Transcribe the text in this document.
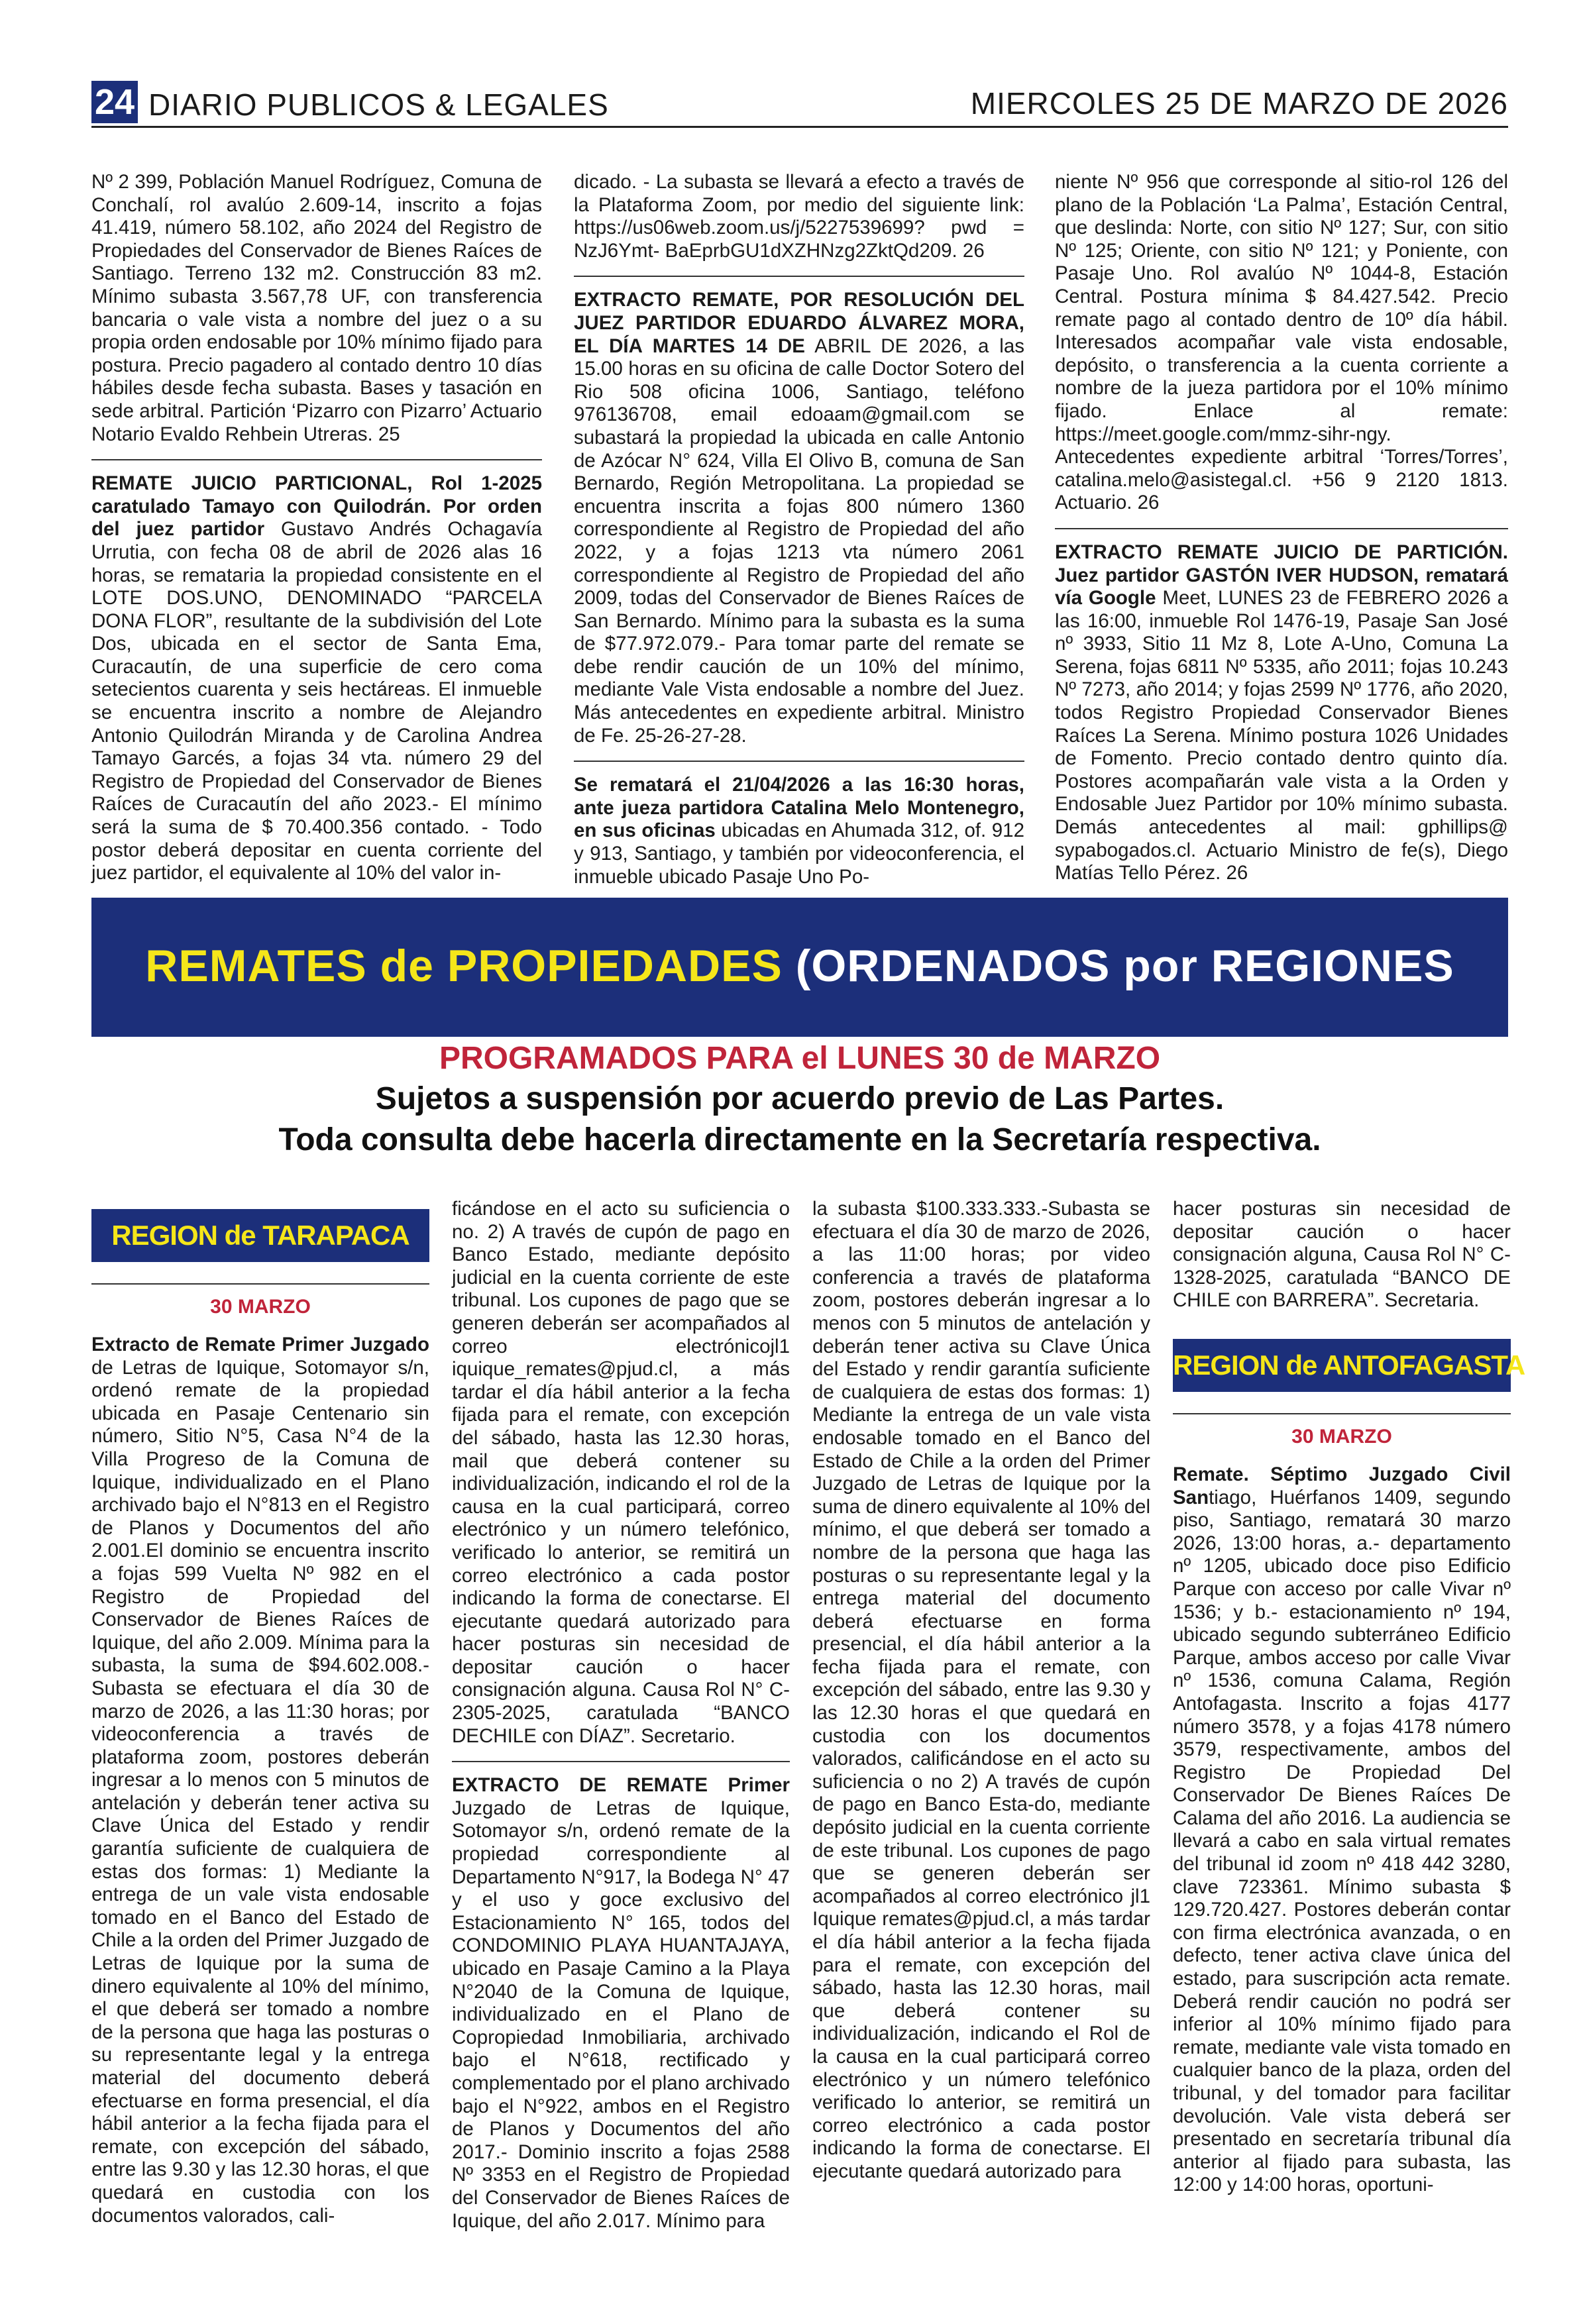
24 DIARIO PUBLICOS & LEGALES	MIERCOLES 25 DE MARZO DE 2026

Nº 2 399, Población Manuel Rodríguez, Comuna de Conchalí, rol avalúo 2.609-14, inscrito a fojas 41.419, número 58.102, año 2024 del Registro de Propiedades del Conservador de Bienes Raíces de Santiago. Terreno 132 m2. Construcción 83 m2. Mínimo subasta 3.567,78 UF, con transferencia bancaria o vale vista a nombre del juez o a su propia orden endosable por 10% mínimo fijado para postura. Precio pagadero al contado dentro 10 días hábiles desde fecha subasta. Bases y tasación en sede arbitral. Partición ‘Pizarro con Pizarro’ Actuario Notario Evaldo Rehbein Utreras. 25

REMATE JUICIO PARTICIONAL, Rol 1-2025 caratulado Tamayo con Quilodrán. Por orden del juez partidor Gustavo Andrés Ochagavía Urrutia, con fecha 08 de abril de 2026 alas 16 horas, se remataria la propiedad consistente en el LOTE DOS.UNO, DENOMINADO “PARCELA DONA FLOR”, resultante de la subdivisión del Lote Dos, ubicada en el sector de Santa Ema, Curacautín, de una superficie de cero coma setecientos cuarenta y seis hectáreas. El inmueble se encuentra inscrito a nombre de Alejandro Antonio Quilodrán Miranda y de Carolina Andrea Tamayo Garcés, a fojas 34 vta. número 29 del Registro de Propiedad del Conservador de Bienes Raíces de Curacautín del año 2023.- El mínimo será la suma de $ 70.400.356 contado. - Todo postor deberá depositar en cuenta corriente del juez partidor, el equivalente al 10% del valor in-

dicado. - La subasta se llevará a efecto a través de la Plataforma Zoom, por medio del siguiente link: https://us06web.zoom.us/j/5227539699? pwd = NzJ6Ymt- BaEprbGU1dXZHNzg2ZktQd209. 26

EXTRACTO REMATE, POR RESOLUCIÓN DEL JUEZ PARTIDOR EDUARDO ÁLVAREZ MORA, EL DÍA MARTES 14 DE ABRIL DE 2026, a las 15.00 horas en su oficina de calle Doctor Sotero del Rio 508 oficina 1006, Santiago, teléfono 976136708, email edoaam@gmail.com se subastará la propiedad la ubicada en calle Antonio de Azócar N° 624, Villa El Olivo B, comuna de San Bernardo, Región Metropolitana. La propiedad se encuentra inscrita a fojas 800 número 1360 correspondiente al Registro de Propiedad del año 2022, y a fojas 1213 vta número 2061 correspondiente al Registro de Propiedad del año 2009, todas del Conservador de Bienes Raíces de San Bernardo. Mínimo para la subasta es la suma de $77.972.079.- Para tomar parte del remate se debe rendir caución de un 10% del mínimo, mediante Vale Vista endosable a nombre del Juez. Más antecedentes en expediente arbitral. Ministro de Fe. 25-26-27-28.

Se rematará el 21/04/2026 a las 16:30 horas, ante jueza partidora Catalina Melo Montenegro, en sus oficinas ubicadas en Ahumada 312, of. 912 y 913, Santiago, y también por videoconferencia, el inmueble ubicado Pasaje Uno Po-

niente Nº 956 que corresponde al sitio-rol 126 del plano de la Población ‘La Palma’, Estación Central, que deslinda: Norte, con sitio Nº 127; Sur, con sitio Nº 125; Oriente, con sitio Nº 121; y Poniente, con Pasaje Uno. Rol avalúo Nº 1044-8, Estación Central. Postura mínima $ 84.427.542. Precio remate pago al contado dentro de 10º día hábil. Interesados acompañar vale vista endosable, depósito, o transferencia a la cuenta corriente a nombre de la jueza partidora por el 10% mínimo fijado. Enlace al remate: https://meet.google.com/mmz-sihr-ngy. Antecedentes expediente arbitral ‘Torres/Torres’, catalina.melo@asistegal.cl. +56 9 2120 1813. Actuario. 26

EXTRACTO REMATE JUICIO DE PARTICIÓN. Juez partidor GASTÓN IVER HUDSON, rematará vía Google Meet, LUNES 23 de FEBRERO 2026 a las 16:00, inmueble Rol 1476-19, Pasaje San José nº 3933, Sitio 11 Mz 8, Lote A-Uno, Comuna La Serena, fojas 6811 Nº 5335, año 2011; fojas 10.243 Nº 7273, año 2014; y fojas 2599 Nº 1776, año 2020, todos Registro Propiedad Conservador Bienes Raíces La Serena. Mínimo postura 1026 Unidades de Fomento. Precio contado dentro quinto día. Postores acompañarán vale vista a la Orden y Endosable Juez Partidor por 10% mínimo subasta. Demás antecedentes al mail: gphillips@ sypabogados.cl. Actuario Ministro de fe(s), Diego Matías Tello Pérez. 26

REMATES de PROPIEDADES (ORDENADOS por REGIONES
PROGRAMADOS PARA el LUNES 30 de MARZO
Sujetos a suspensión por acuerdo previo de Las Partes.
Toda consulta debe hacerla directamente en la Secretaría respectiva.
REGION de TARAPACA
30 MARZO

Extracto de Remate Primer Juzgado de Letras de Iquique, Sotomayor s/n, ordenó remate de la propiedad ubicada en Pasaje Centenario sin número, Sitio N°5, Casa N°4 de la Villa Progreso de la Comuna de Iquique, individualizado en el Plano archivado bajo el N°813 en el Registro de Planos y Documentos del año 2.001.El dominio se encuentra inscrito a fojas 599 Vuelta Nº 982 en el Registro de Propiedad del Conservador de Bienes Raíces de Iquique, del año 2.009. Mínima para la subasta, la suma de $94.602.008.- Subasta se efectuara el día 30 de marzo de 2026, a las 11:30 horas; por videoconferencia a través de plataforma zoom, postores deberán ingresar a lo menos con 5 minutos de antelación y deberán tener activa su Clave Única del Estado y rendir garantía suficiente de cualquiera de estas dos formas: 1) Mediante la entrega de un vale vista endosable tomado en el Banco del Estado de Chile a la orden del Primer Juzgado de Letras de Iquique por la suma de dinero equivalente al 10% del mínimo, el que deberá ser tomado a nombre de la persona que haga las posturas o su representante legal y la entrega material del documento deberá efectuarse en forma presencial, el día hábil anterior a la fecha fijada para el remate, con excepción del sábado, entre las 9.30 y las 12.30 horas, el que quedará en custodia con los documentos valorados, cali-

ficándose en el acto su suficiencia o no. 2) A través de cupón de pago en Banco Estado, mediante depósito judicial en la cuenta corriente de este tribunal. Los cupones de pago que se generen deberán ser acompañados al correo electrónicojl1 iquique_remates@pjud.cl, a más tardar el día hábil anterior a la fecha fijada para el remate, con excepción del sábado, hasta las 12.30 horas, mail que deberá contener su individualización, indicando el rol de la causa en la cual participará, correo electrónico y un número telefónico, verificado lo anterior, se remitirá un correo electrónico a cada postor indicando la forma de conectarse. El ejecutante quedará autorizado para hacer posturas sin necesidad de depositar caución o hacer consignación alguna. Causa Rol N° C-2305-2025, caratulada “BANCO DECHILE con DÍAZ”. Secretario.

EXTRACTO DE REMATE Primer Juzgado de Letras de Iquique, Sotomayor s/n, ordenó remate de la propiedad correspondiente al Departamento N°917, la Bodega N° 47 y el uso y goce exclusivo del Estacionamiento N° 165, todos del CONDOMINIO PLAYA HUANTAJAYA, ubicado en Pasaje Camino a la Playa N°2040 de la Comuna de Iquique, individualizado en el Plano de Copropiedad Inmobiliaria, archivado bajo el N°618, rectificado y complementado por el plano archivado bajo el N°922, ambos en el Registro de Planos y Documentos del año 2017.- Dominio inscrito a fojas 2588 Nº 3353 en el Registro de Propiedad del Conservador de Bienes Raíces de Iquique, del año 2.017. Mínimo para

la subasta $100.333.333.-Subasta se efectuara el día 30 de marzo de 2026, a las 11:00 horas; por video conferencia a través de plataforma zoom, postores deberán ingresar a lo menos con 5 minutos de antelación y deberán tener activa su Clave Única del Estado y rendir garantía suficiente de cualquiera de estas dos formas: 1) Mediante la entrega de un vale vista endosable tomado en el Banco del Estado de Chile a la orden del Primer Juzgado de Letras de Iquique por la suma de dinero equivalente al 10% del mínimo, el que deberá ser tomado a nombre de la persona que haga las posturas o su representante legal y la entrega material del documento deberá efectuarse en forma presencial, el día hábil anterior a la fecha fijada para el remate, con excepción del sábado, entre las 9.30 y las 12.30 horas el que quedará en custodia con los documentos valorados, calificándose en el acto su suficiencia o no 2) A través de cupón de pago en Banco Esta-do, mediante depósito judicial en la cuenta corriente de este tribunal. Los cupones de pago que se generen deberán ser acompañados al correo electrónico jl1 Iquique remates@pjud.cl, a más tardar el día hábil anterior a la fecha fijada para el remate, con excepción del sábado, hasta las 12.30 horas, mail que deberá contener su individualización, indicando el Rol de la causa en la cual participará correo electrónico y un número telefónico verificado lo anterior, se remitirá un correo electrónico a cada postor indicando la forma de conectarse. El ejecutante quedará autorizado para

hacer posturas sin necesidad de depositar caución o hacer consignación alguna, Causa Rol N° C-1328-2025, caratulada “BANCO DE CHILE con BARRERA”. Secretaria.

REGION de ANTOFAGASTA
30 MARZO

Remate. Séptimo Juzgado Civil Santiago, Huérfanos 1409, segundo piso, Santiago, rematará 30 marzo 2026, 13:00 horas, a.- departamento nº 1205, ubicado doce piso Edificio Parque con acceso por calle Vivar nº 1536; y b.- estacionamiento nº 194, ubicado segundo subterráneo Edificio Parque, ambos acceso por calle Vivar nº 1536, comuna Calama, Región Antofagasta. Inscrito a fojas 4177 número 3578, y a fojas 4178 número 3579, respectivamente, ambos del Registro De Propiedad Del Conservador De Bienes Raíces De Calama del año 2016. La audiencia se llevará a cabo en sala virtual remates del tribunal id zoom nº 418 442 3280, clave 723361. Mínimo subasta $ 129.720.427. Postores deberán contar con firma electrónica avanzada, o en defecto, tener activa clave única del estado, para suscripción acta remate. Deberá rendir caución no podrá ser inferior al 10% mínimo fijado para remate, mediante vale vista tomado en cualquier banco de la plaza, orden del tribunal, y del tomador para facilitar devolución. Vale vista deberá ser presentado en secretaría tribunal día anterior al fijado para subasta, las 12:00 y 14:00 horas, oportuni-
